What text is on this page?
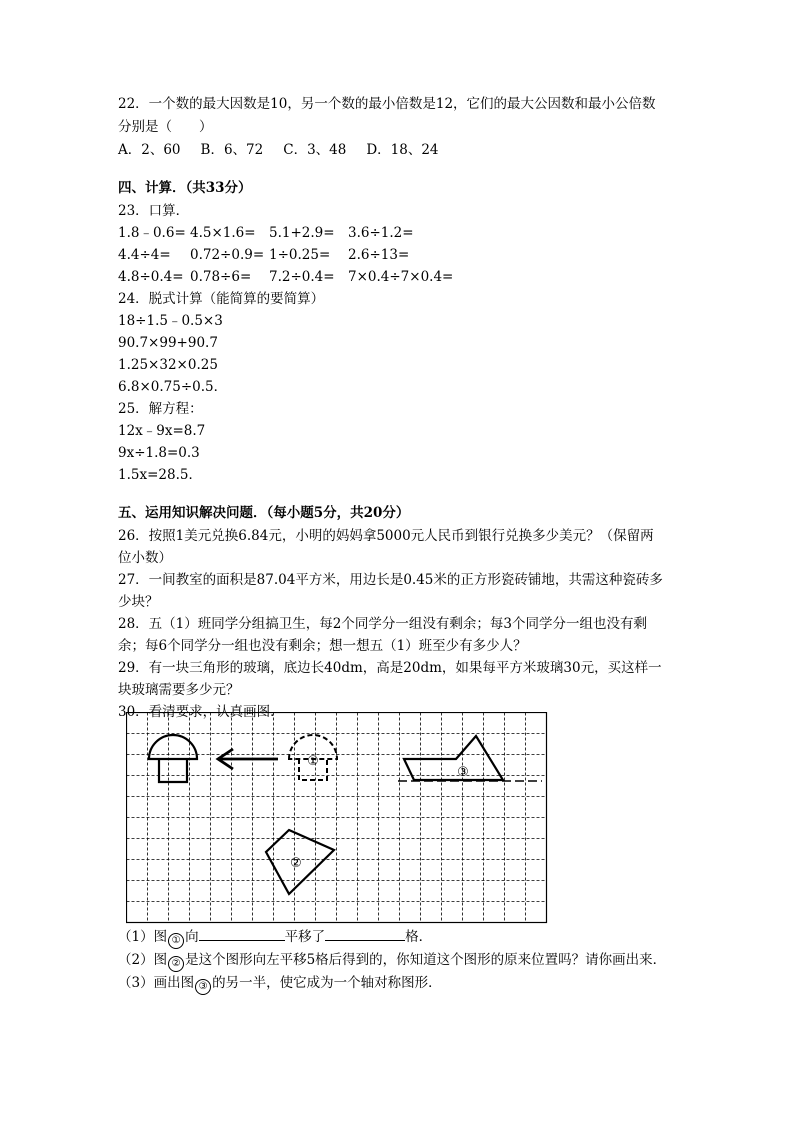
22．一个数的最大因数是10，另一个数的最小倍数是12，它们的最大公因数和最小公倍数
分别是（　　）
A．2、60 B．6、72 C．3、48 D．18、24
四、计算．（共33分）
23．口算．
1.8﹣0.6= 4.5×1.6= 5.1+2.9= 3.6÷1.2=
4.4÷4= 0.72÷0.9= 1÷0.25= 2.6÷13=
4.8÷0.4= 0.78÷6= 7.2÷0.4= 7×0.4÷7×0.4=
24．脱式计算（能简算的要简算）
18÷1.5﹣0.5×3
90.7×99+90.7
1.25×32×0.25
6.8×0.75÷0.5．
25．解方程：
12x﹣9x=8.7
9x÷1.8=0.3
1.5x=28.5．
五、运用知识解决问题．（每小题5分，共20分）
26．按照1美元兑换6.84元，小明的妈妈拿5000元人民币到银行兑换多少美元？（保留两
位小数）
27．一间教室的面积是87.04平方米，用边长是0.45米的正方形瓷砖铺地，共需这种瓷砖多
少块？
28．五（1）班同学分组搞卫生，每2个同学分一组没有剩余；每3个同学分一组也没有剩
余；每6个同学分一组也没有剩余；想一想五（1）班至少有多少人？
29．有一块三角形的玻璃，底边长40dm，高是20dm，如果每平方米玻璃30元，买这样一
块玻璃需要多少元？
30．看清要求，认真画图．
①
③
②
（1）图 ① 向	平移了	格．
（2）图 ② 是这个图形向左平移5格后得到的，你知道这个图形的原来位置吗？请你画出来．
（3）画出图 ③ 的另一半，使它成为一个轴对称图形．
